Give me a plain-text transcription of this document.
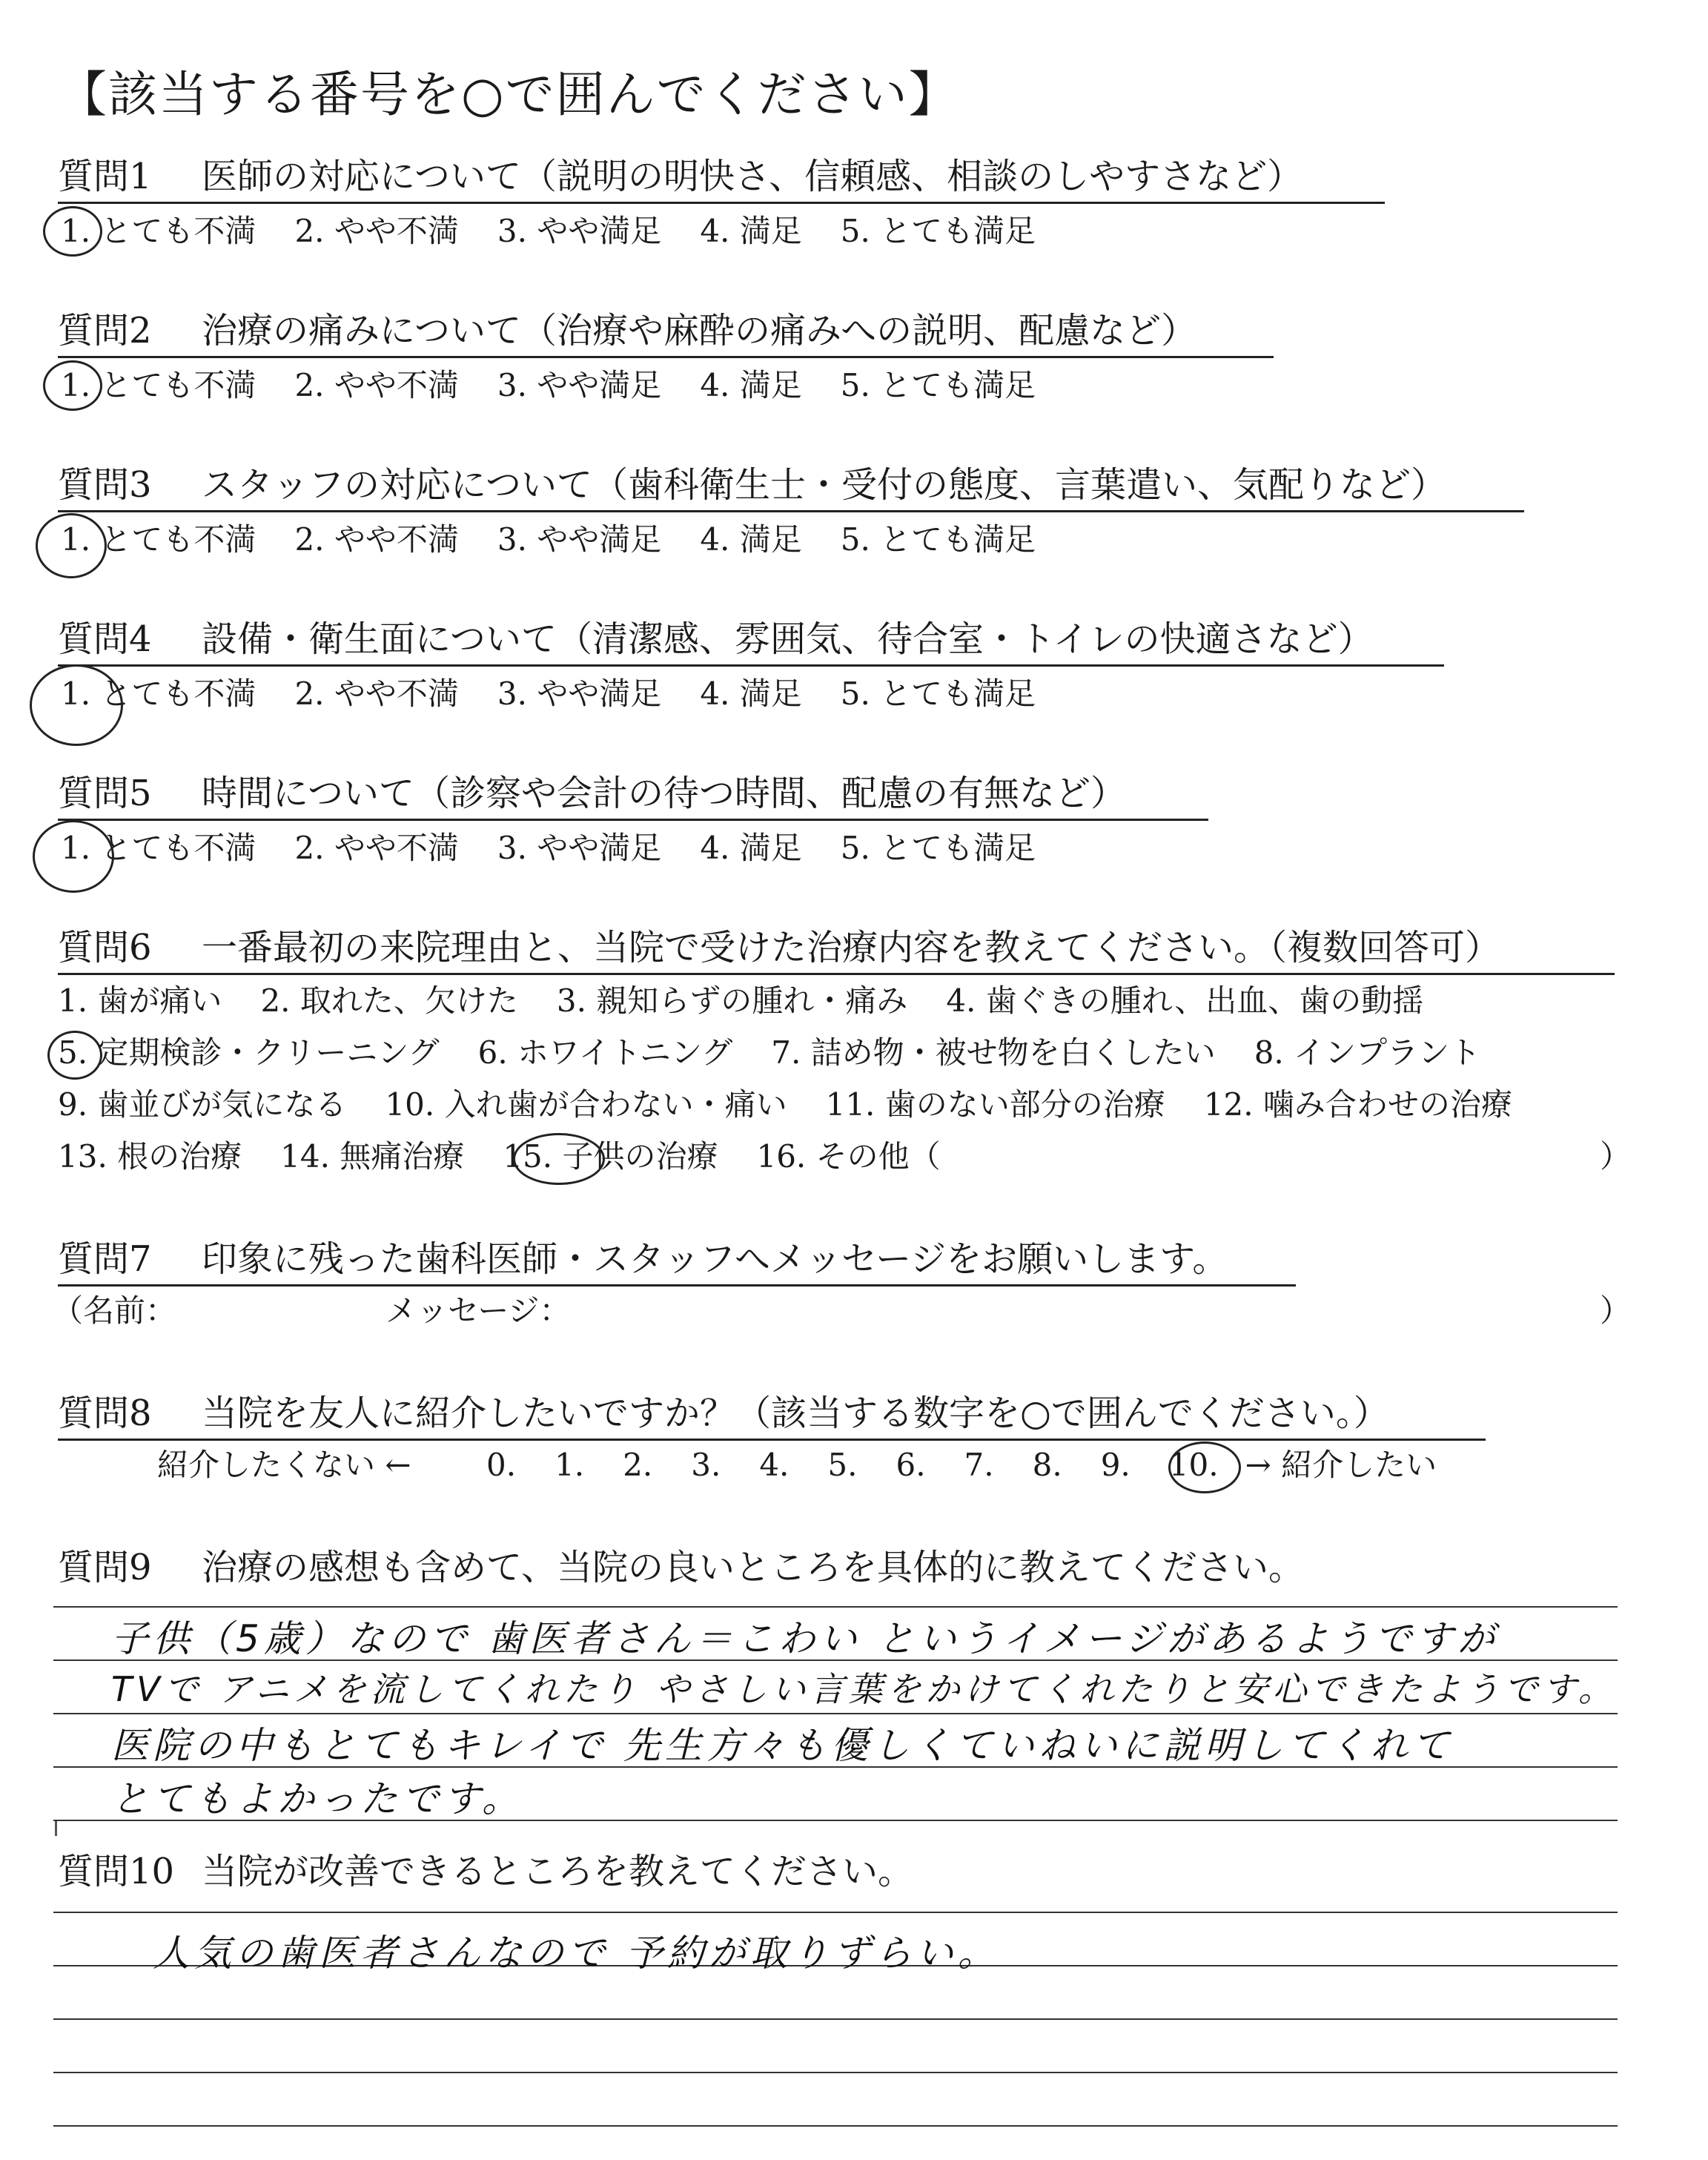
【該当する番号を○で囲んでください】
質問1 医師の対応について（説明の明快さ、信頼感、相談のしやすさなど）
1. とても不満 2. やや不満 3. やや満足 4. 満足 5. とても満足
質問2 治療の痛みについて（治療や麻酔の痛みへの説明、配慮など）
1. とても不満 2. やや不満 3. やや満足 4. 満足 5. とても満足
質問3 スタッフの対応について（歯科衛生士・受付の態度、言葉遣い、気配りなど）
1. とても不満 2. やや不満 3. やや満足 4. 満足 5. とても満足
質問4 設備・衛生面について（清潔感、雰囲気、待合室・トイレの快適さなど）
1. とても不満 2. やや不満 3. やや満足 4. 満足 5. とても満足
質問5 時間について（診察や会計の待つ時間、配慮の有無など）
1. とても不満 2. やや不満 3. やや満足 4. 満足 5. とても満足
質問6 一番最初の来院理由と、当院で受けた治療内容を教えてください。（複数回答可）
1. 歯が痛い 2. 取れた、欠けた 3. 親知らずの腫れ・痛み 4. 歯ぐきの腫れ、出血、歯の動揺
5. 定期検診・クリーニング 6. ホワイトニング 7. 詰め物・被せ物を白くしたい 8. インプラント
9. 歯並びが気になる 10. 入れ歯が合わない・痛い 11. 歯のない部分の治療 12. 噛み合わせの治療
13. 根の治療 14. 無痛治療 15. 子供の治療 16. その他（	）
質問7 印象に残った歯科医師・スタッフへメッセージをお願いします。
（名前：	メッセージ：	）
質問8 当院を友人に紹介したいですか？（該当する数字を○で囲んでください。）
紹介したくない ← 0. 1. 2. 3. 4. 5. 6. 7. 8. 9. 10. → 紹介したい
質問9 治療の感想も含めて、当院の良いところを具体的に教えてください。
子供（5歳）なので 歯医者さん＝こわい というイメージがあるようですが
TVで アニメを流してくれたり やさしい言葉をかけてくれたりと安心できたようです。
医院の中もとてもキレイで 先生方々も優しくていねいに説明してくれて
とてもよかったです。
質問10 当院が改善できるところを教えてください。
人気の歯医者さんなので 予約が取りずらい。
